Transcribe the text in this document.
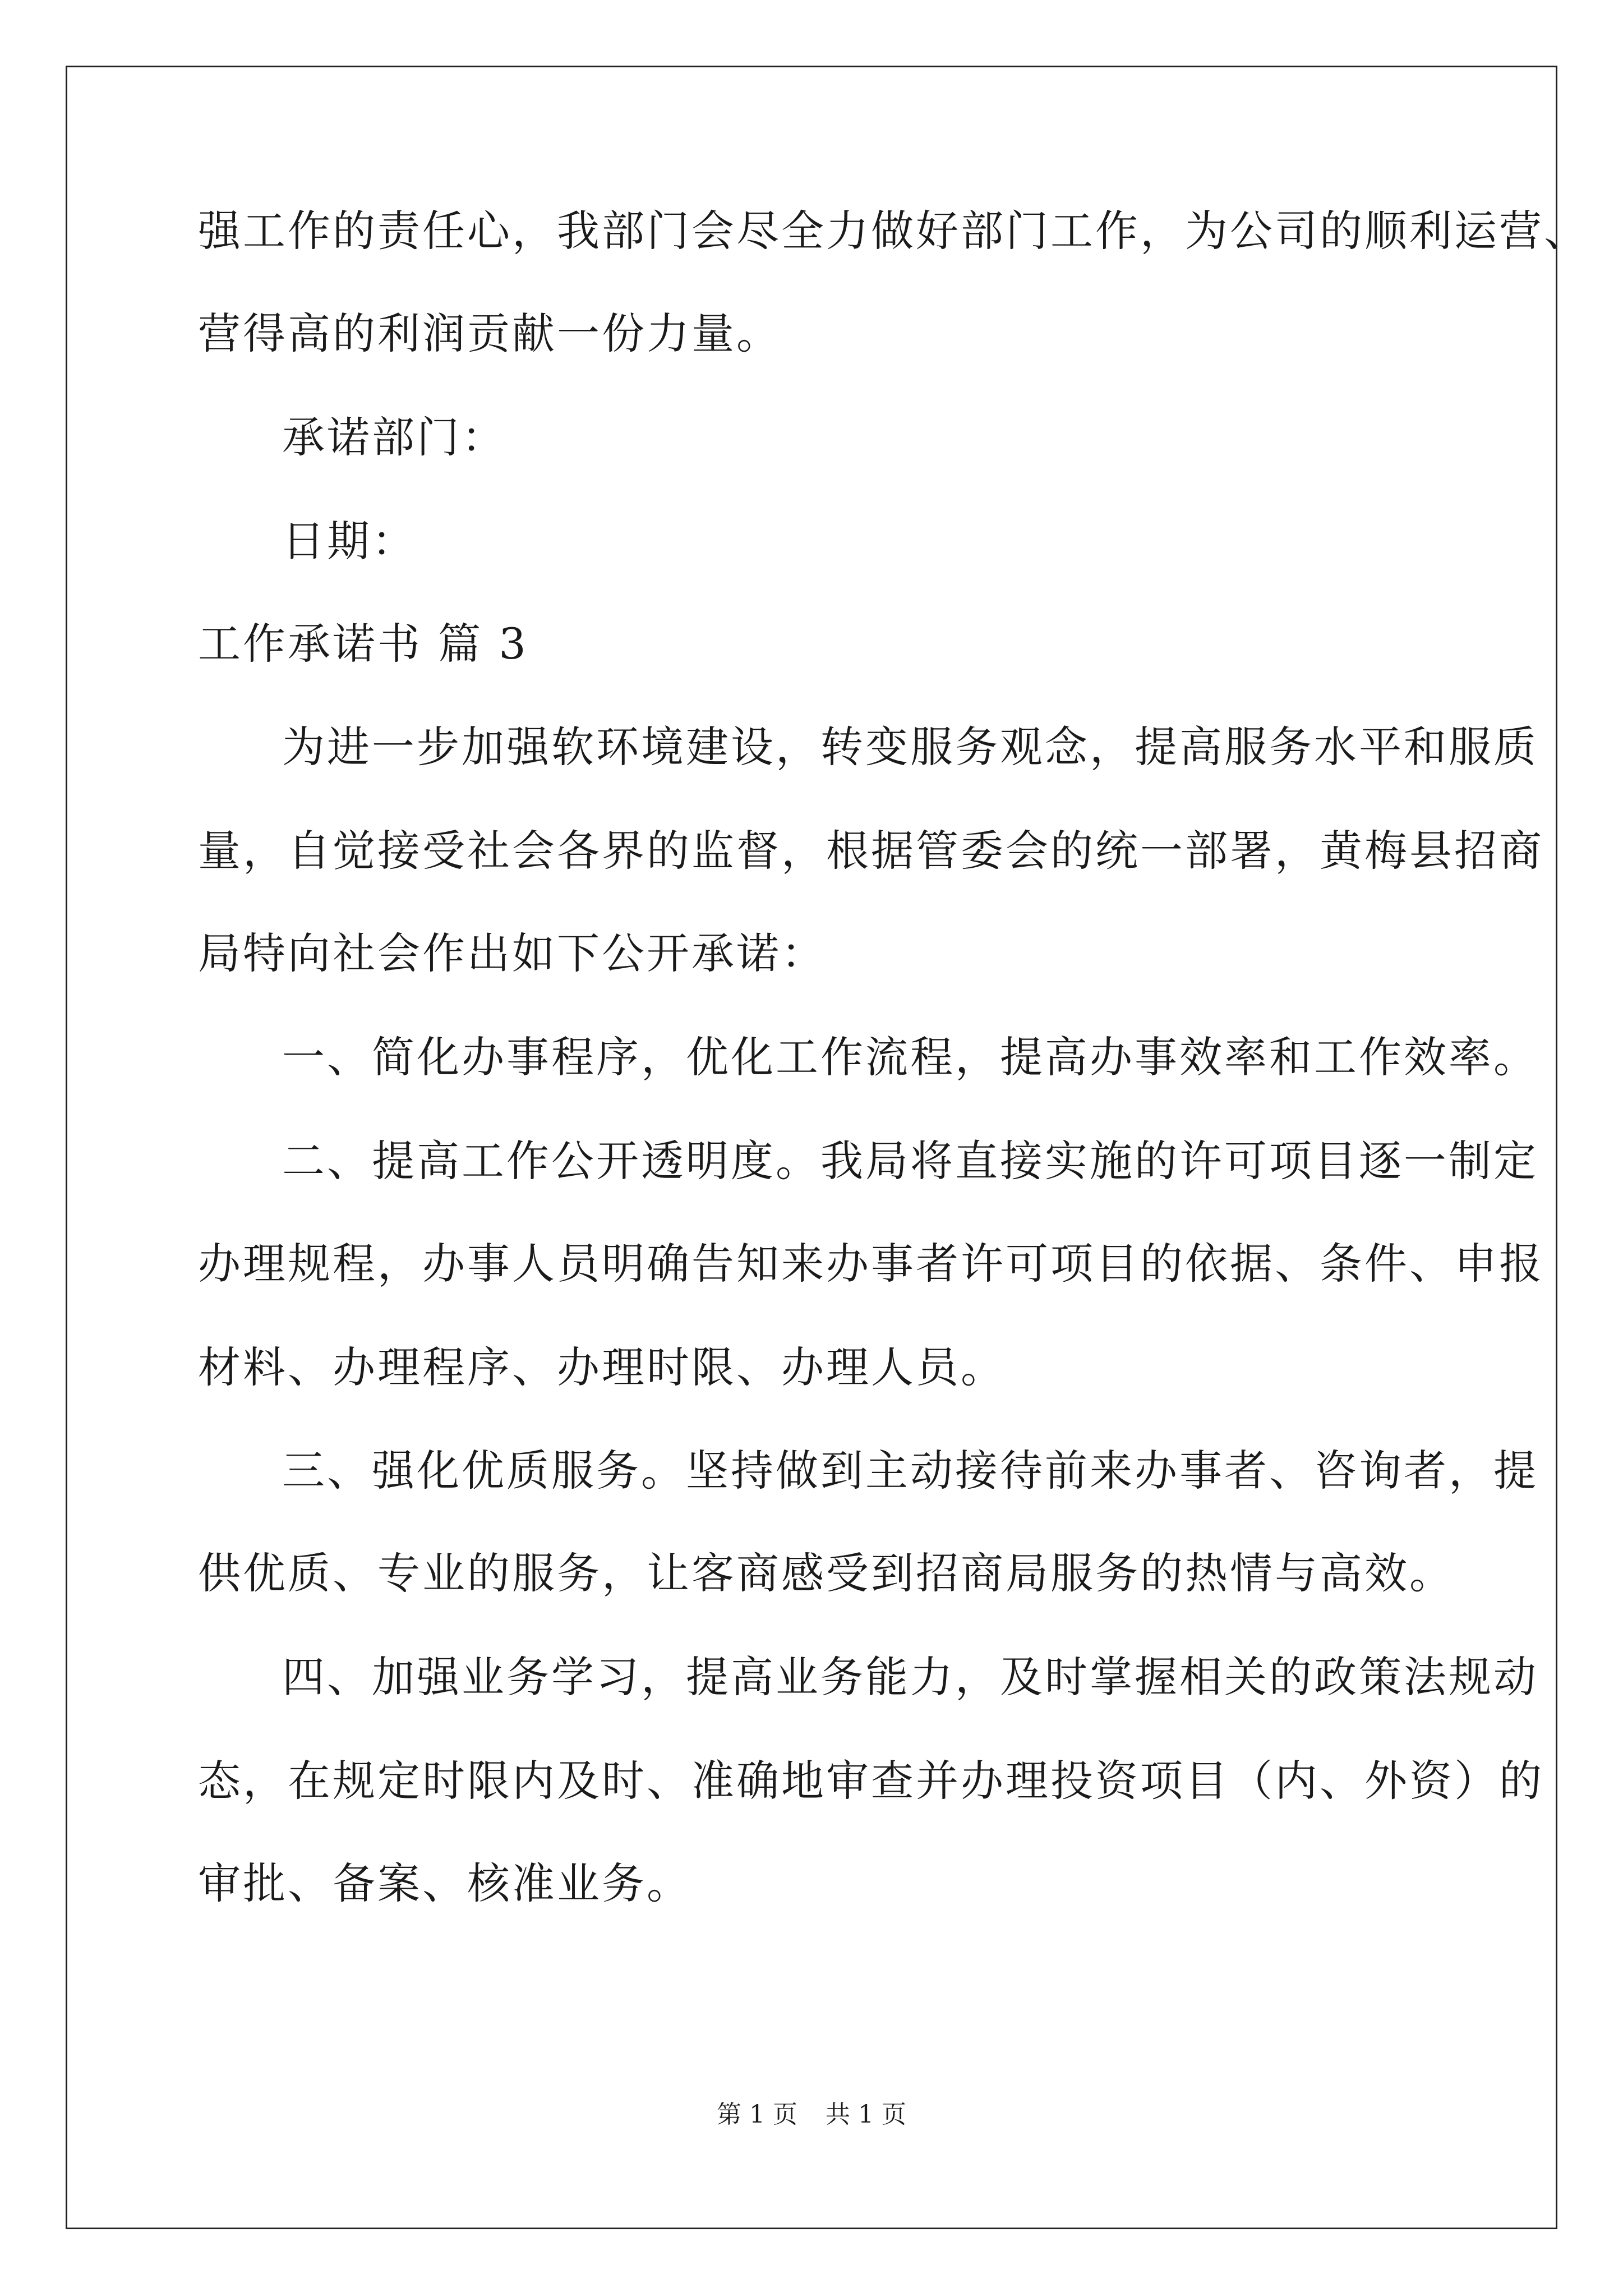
强工作的责任心，我部门会尽全力做好部门工作，为公司的顺利运营、
营得高的利润贡献一份力量。
承诺部门：
日期：
工作承诺书 篇 3
为进一步加强软环境建设，转变服务观念，提高服务水平和服质
量，自觉接受社会各界的监督，根据管委会的统一部署，黄梅县招商
局特向社会作出如下公开承诺：
一、简化办事程序，优化工作流程，提高办事效率和工作效率。
二、提高工作公开透明度。我局将直接实施的许可项目逐一制定
办理规程，办事人员明确告知来办事者许可项目的依据、条件、申报
材料、办理程序、办理时限、办理人员。
三、强化优质服务。坚持做到主动接待前来办事者、咨询者，提
供优质、专业的服务，让客商感受到招商局服务的热情与高效。
四、加强业务学习，提高业务能力，及时掌握相关的政策法规动
态，在规定时限内及时、准确地审查并办理投资项目（内、外资）的
审批、备案、核准业务。
第 1 页 共 1 页
